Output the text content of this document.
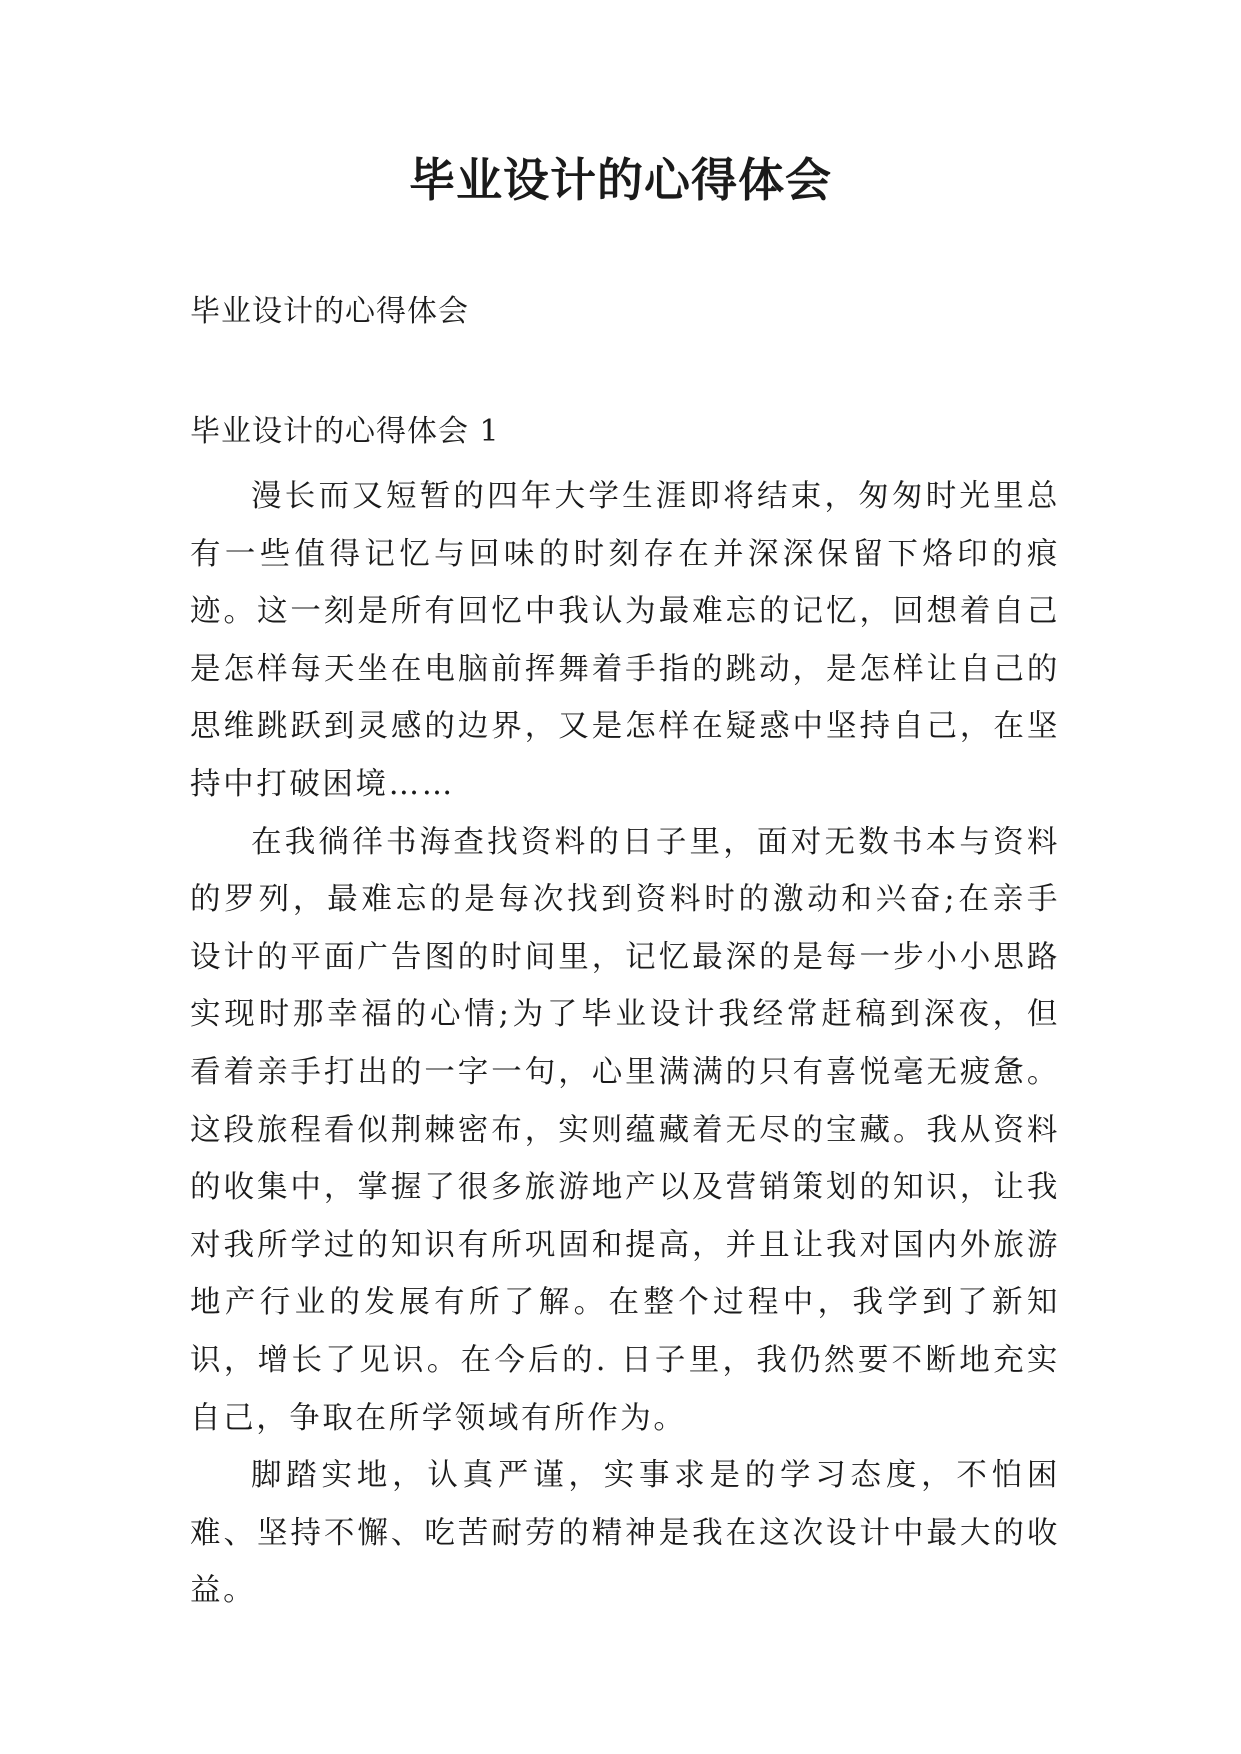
毕业设计的心得体会
毕业设计的心得体会
毕业设计的心得体会 1

漫长而又短暂的四年大学生涯即将结束，匆匆时光里总有一些值得记忆与回味的时刻存在并深深保留下烙印的痕迹。这一刻是所有回忆中我认为最难忘的记忆，回想着自己是怎样每天坐在电脑前挥舞着手指的跳动，是怎样让自己的思维跳跃到灵感的边界，又是怎样在疑惑中坚持自己，在坚持中打破困境……

在我徜徉书海查找资料的日子里，面对无数书本与资料的罗列，最难忘的是每次找到资料时的激动和兴奋;在亲手设计的平面广告图的时间里，记忆最深的是每一步小小思路实现时那幸福的心情;为了毕业设计我经常赶稿到深夜，但看着亲手打出的一字一句，心里满满的只有喜悦毫无疲惫。这段旅程看似荆棘密布，实则蕴藏着无尽的宝藏。我从资料的收集中，掌握了很多旅游地产以及营销策划的知识，让我对我所学过的知识有所巩固和提高，并且让我对国内外旅游地产行业的发展有所了解。在整个过程中，我学到了新知识，增长了见识。在今后的. 日子里，我仍然要不断地充实自己，争取在所学领域有所作为。

脚踏实地，认真严谨，实事求是的学习态度，不怕困难、坚持不懈、吃苦耐劳的精神是我在这次设计中最大的收益。
